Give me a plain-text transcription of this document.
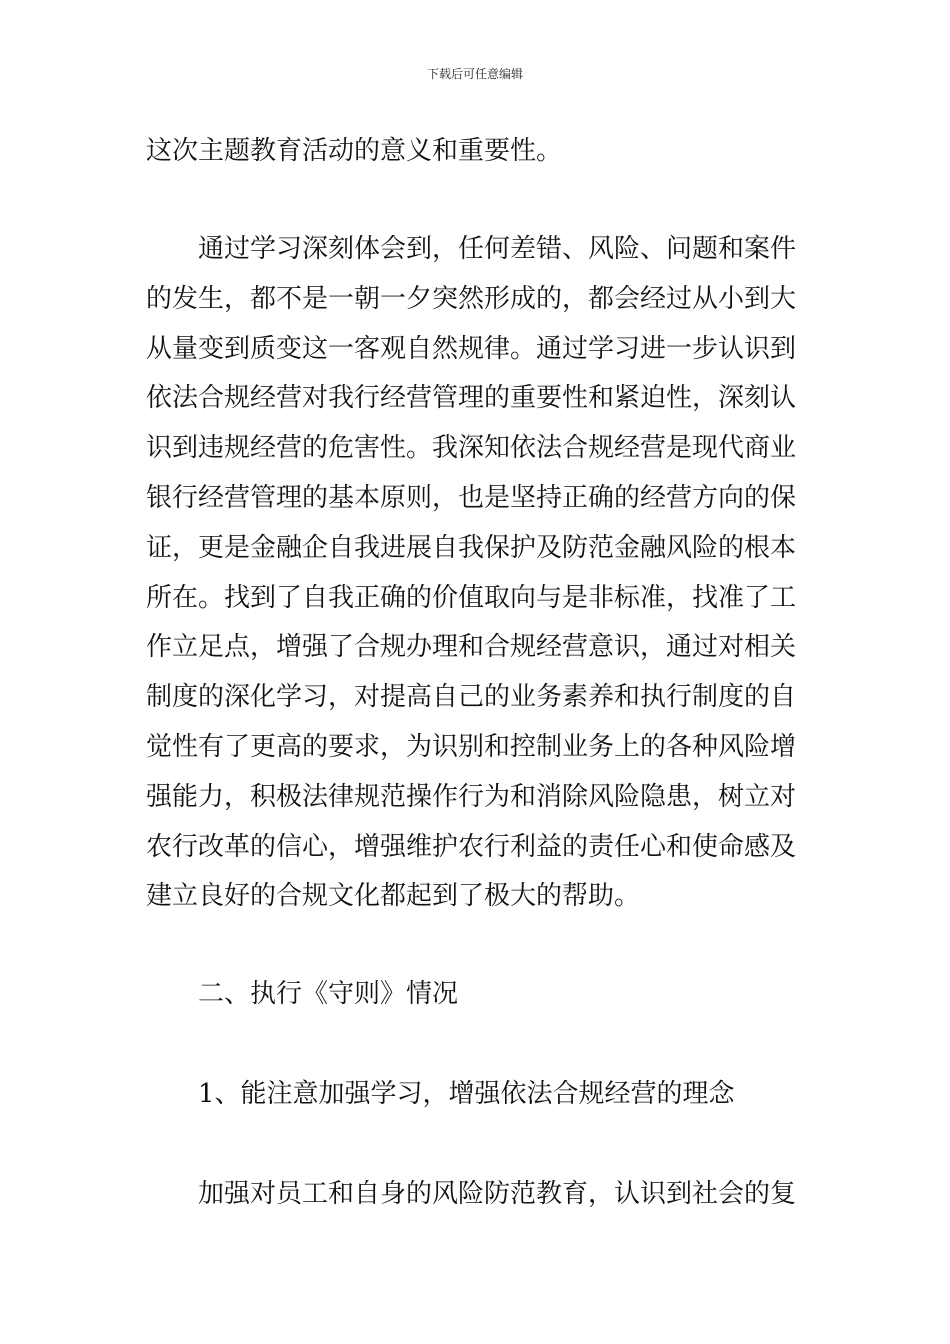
下载后可任意编辑
这次主题教育活动的意义和重要性。
通过学习深刻体会到，任何差错、风险、问题和案件
的发生，都不是一朝一夕突然形成的，都会经过从小到大
从量变到质变这一客观自然规律。通过学习进一步认识到
依法合规经营对我行经营管理的重要性和紧迫性，深刻认
识到违规经营的危害性。我深知依法合规经营是现代商业
银行经营管理的基本原则，也是坚持正确的经营方向的保
证，更是金融企自我进展自我保护及防范金融风险的根本
所在。找到了自我正确的价值取向与是非标准，找准了工
作立足点，增强了合规办理和合规经营意识，通过对相关
制度的深化学习，对提高自己的业务素养和执行制度的自
觉性有了更高的要求，为识别和控制业务上的各种风险增
强能力，积极法律规范操作行为和消除风险隐患，树立对
农行改革的信心，增强维护农行利益的责任心和使命感及
建立良好的合规文化都起到了极大的帮助。
二、执行《守则》情况
1、能注意加强学习，增强依法合规经营的理念
加强对员工和自身的风险防范教育，认识到社会的复
